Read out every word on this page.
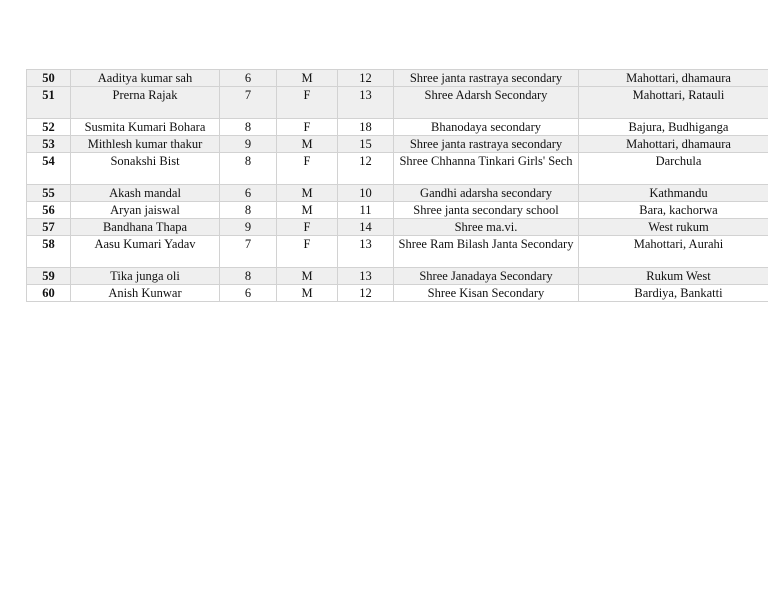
50	Aaditya kumar sah	6	M	12	Shree janta rastraya secondary	Mahottari, dhamaura
51	Prerna Rajak	7	F	13	Shree Adarsh Secondary	Mahottari, Ratauli
52	Susmita Kumari Bohara	8	F	18	Bhanodaya secondary	Bajura, Budhiganga
53	Mithlesh kumar thakur	9	M	15	Shree janta rastraya secondary	Mahottari, dhamaura
54	Sonakshi Bist	8	F	12	Shree Chhanna Tinkari Girls' Sech	Darchula
55	Akash mandal	6	M	10	Gandhi adarsha secondary	Kathmandu
56	Aryan jaiswal	8	M	11	Shree janta secondary school	Bara, kachorwa
57	Bandhana Thapa	9	F	14	Shree ma.vi.	West rukum
58	Aasu Kumari Yadav	7	F	13	Shree Ram Bilash Janta Secondary	Mahottari, Aurahi
59	Tika junga oli	8	M	13	Shree Janadaya Secondary	Rukum West
60	Anish Kunwar	6	M	12	Shree Kisan Secondary	Bardiya, Bankatti
